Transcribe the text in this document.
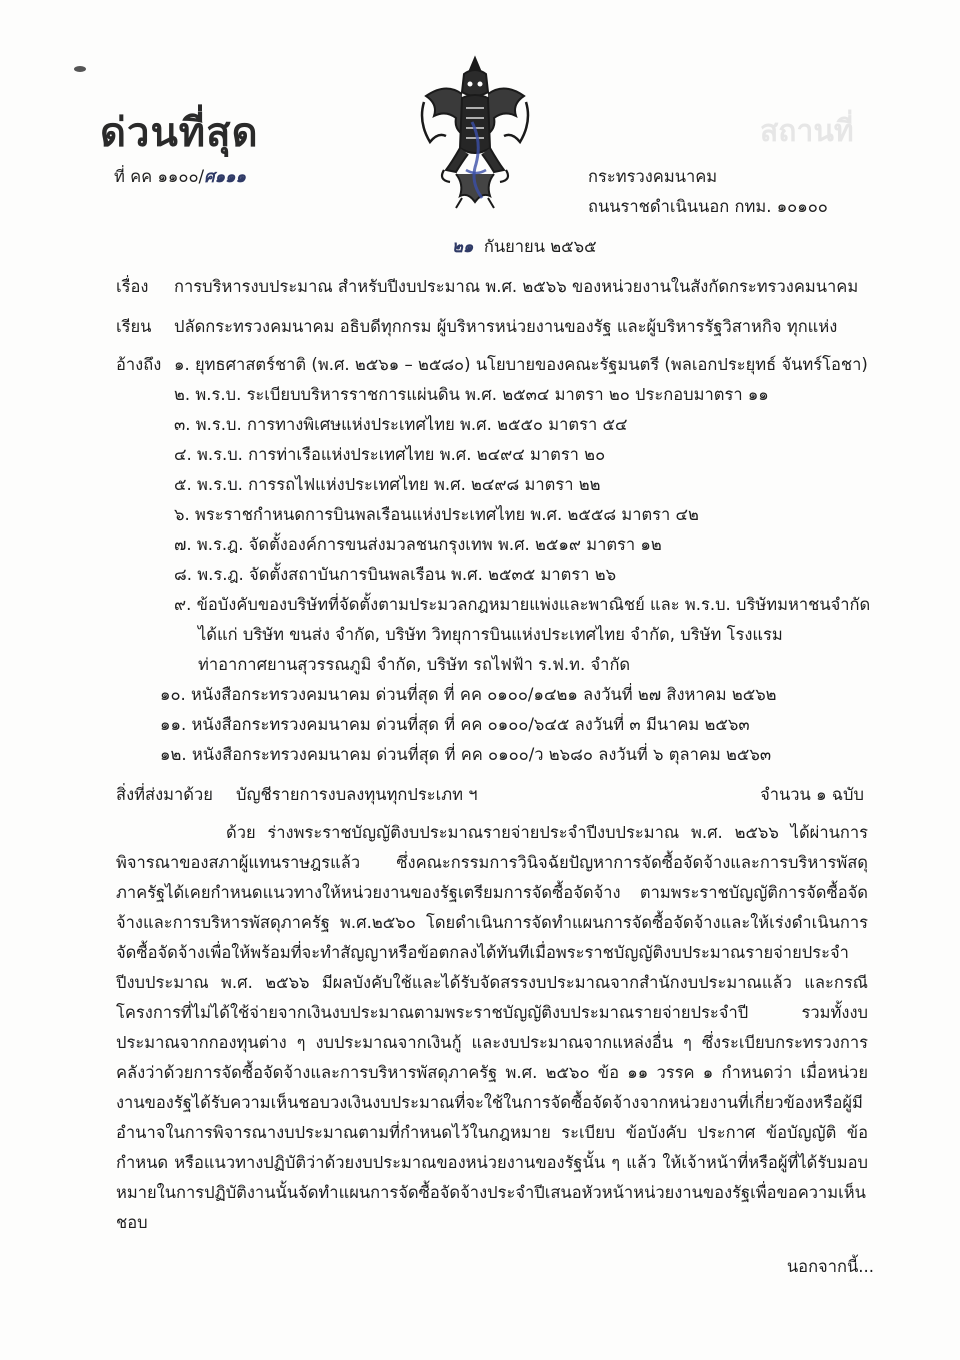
สถานที่
ด่วนที่สุด
ที่ คค ๑๑๐๐/ศ๑๑๑	กระทรวงคมนาคม
ถนนราชดำเนินนอก กทม. ๑๐๑๐๐
๒๑ กันยายน ๒๕๖๕
เรื่อง การบริหารงบประมาณ สำหรับปีงบประมาณ พ.ศ. ๒๕๖๖ ของหน่วยงานในสังกัดกระทรวงคมนาคม
เรียน ปลัดกระทรวงคมนาคม อธิบดีทุกกรม ผู้บริหารหน่วยงานของรัฐ และผู้บริหารรัฐวิสาหกิจ ทุกแห่ง
อ้างถึง ๑. ยุทธศาสตร์ชาติ (พ.ศ. ๒๕๖๑ – ๒๕๘๐) นโยบายของคณะรัฐมนตรี (พลเอกประยุทธ์ จันทร์โอชา)
๒. พ.ร.บ. ระเบียบบริหารราชการแผ่นดิน พ.ศ. ๒๕๓๔ มาตรา ๒๐ ประกอบมาตรา ๑๑
๓. พ.ร.บ. การทางพิเศษแห่งประเทศไทย พ.ศ. ๒๕๕๐ มาตรา ๕๔
๔. พ.ร.บ. การท่าเรือแห่งประเทศไทย พ.ศ. ๒๔๙๔ มาตรา ๒๐
๕. พ.ร.บ. การรถไฟแห่งประเทศไทย พ.ศ. ๒๔๙๘ มาตรา ๒๒
๖. พระราชกำหนดการบินพลเรือนแห่งประเทศไทย พ.ศ. ๒๕๕๘ มาตรา ๔๒
๗. พ.ร.ฎ. จัดตั้งองค์การขนส่งมวลชนกรุงเทพ พ.ศ. ๒๕๑๙ มาตรา ๑๒
๘. พ.ร.ฎ. จัดตั้งสถาบันการบินพลเรือน พ.ศ. ๒๕๓๕ มาตรา ๒๖
๙. ข้อบังคับของบริษัทที่จัดตั้งตามประมวลกฎหมายแพ่งและพาณิชย์ และ พ.ร.บ. บริษัทมหาชนจำกัด
ได้แก่ บริษัท ขนส่ง จำกัด, บริษัท วิทยุการบินแห่งประเทศไทย จำกัด, บริษัท โรงแรม
ท่าอากาศยานสุวรรณภูมิ จำกัด, บริษัท รถไฟฟ้า ร.ฟ.ท. จำกัด
๑๐. หนังสือกระทรวงคมนาคม ด่วนที่สุด ที่ คค ๐๑๐๐/๑๔๒๑ ลงวันที่ ๒๗ สิงหาคม ๒๕๖๒
๑๑. หนังสือกระทรวงคมนาคม ด่วนที่สุด ที่ คค ๐๑๐๐/๖๔๕ ลงวันที่ ๓ มีนาคม ๒๕๖๓
๑๒. หนังสือกระทรวงคมนาคม ด่วนที่สุด ที่ คค ๐๑๐๐/ว ๒๖๘๐ ลงวันที่ ๖ ตุลาคม ๒๕๖๓
สิ่งที่ส่งมาด้วย บัญชีรายการงบลงทุนทุกประเภท ฯ	จำนวน ๑ ฉบับ
ด้วย ร่างพระราชบัญญัติงบประมาณรายจ่ายประจำปีงบประมาณ พ.ศ. ๒๕๖๖ ได้ผ่านการพิจารณาของสภาผู้แทนราษฎรแล้ว ซึ่งคณะกรรมการวินิจฉัยปัญหาการจัดซื้อจัดจ้างและการบริหารพัสดุภาครัฐได้เคยกำหนดแนวทางให้หน่วยงานของรัฐเตรียมการจัดซื้อจัดจ้าง ตามพระราชบัญญัติการจัดซื้อจัดจ้างและการบริหารพัสดุภาครัฐ พ.ศ.๒๕๖๐ โดยดำเนินการจัดทำแผนการจัดซื้อจัดจ้างและให้เร่งดำเนินการจัดซื้อจัดจ้างเพื่อให้พร้อมที่จะทำสัญญาหรือข้อตกลงได้ทันทีเมื่อพระราชบัญญัติงบประมาณรายจ่ายประจำปีงบประมาณ พ.ศ. ๒๕๖๖ มีผลบังคับใช้และได้รับจัดสรรงบประมาณจากสำนักงบประมาณแล้ว และกรณีโครงการที่ไม่ได้ใช้จ่ายจากเงินงบประมาณตามพระราชบัญญัติงบประมาณรายจ่ายประจำปี รวมทั้งงบประมาณจากกองทุนต่าง ๆ งบประมาณจากเงินกู้ และงบประมาณจากแหล่งอื่น ๆ ซึ่งระเบียบกระทรวงการคลังว่าด้วยการจัดซื้อจัดจ้างและการบริหารพัสดุภาครัฐ พ.ศ. ๒๕๖๐ ข้อ ๑๑ วรรค ๑ กำหนดว่า เมื่อหน่วยงานของรัฐได้รับความเห็นชอบวงเงินงบประมาณที่จะใช้ในการจัดซื้อจัดจ้างจากหน่วยงานที่เกี่ยวข้องหรือผู้มีอำนาจในการพิจารณางบประมาณตามที่กำหนดไว้ในกฎหมาย ระเบียบ ข้อบังคับ ประกาศ ข้อบัญญัติ ข้อกำหนด หรือแนวทางปฏิบัติว่าด้วยงบประมาณของหน่วยงานของรัฐนั้น ๆ แล้ว ให้เจ้าหน้าที่หรือผู้ที่ได้รับมอบหมายในการปฏิบัติงานนั้นจัดทำแผนการจัดซื้อจัดจ้างประจำปีเสนอหัวหน้าหน่วยงานของรัฐเพื่อขอความเห็นชอบ
นอกจากนี้...
